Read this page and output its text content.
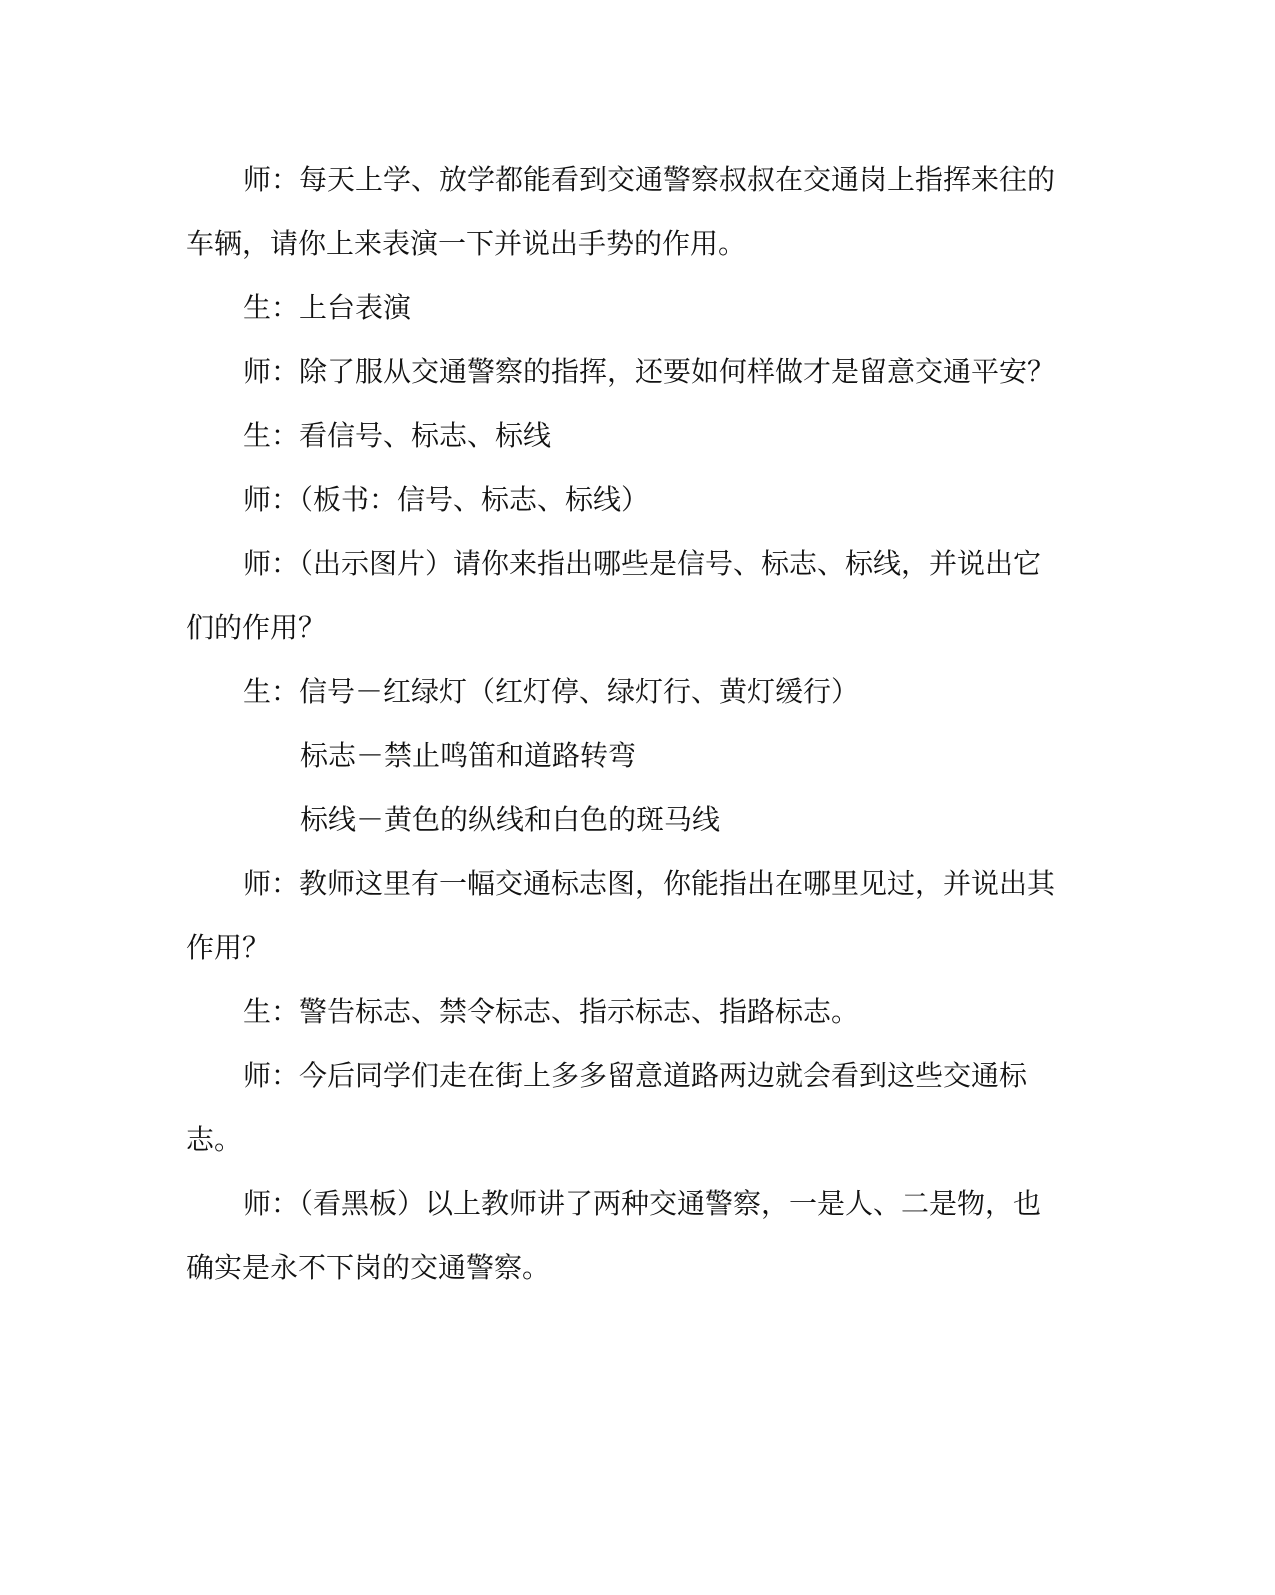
师：每天上学、放学都能看到交通警察叔叔在交通岗上指挥来往的车辆，请你上来表演一下并说出手势的作用。

生：上台表演

师：除了服从交通警察的指挥，还要如何样做才是留意交通平安？

生：看信号、标志、标线

师：（板书：信号、标志、标线）

师：（出示图片）请你来指出哪些是信号、标志、标线，并说出它们的作用？

生：信号－红绿灯（红灯停、绿灯行、黄灯缓行）

标志－禁止鸣笛和道路转弯

标线－黄色的纵线和白色的斑马线

师：教师这里有一幅交通标志图，你能指出在哪里见过，并说出其作用？

生：警告标志、禁令标志、指示标志、指路标志。

师：今后同学们走在街上多多留意道路两边就会看到这些交通标志。

师：（看黑板）以上教师讲了两种交通警察，一是人、二是物，也确实是永不下岗的交通警察。
